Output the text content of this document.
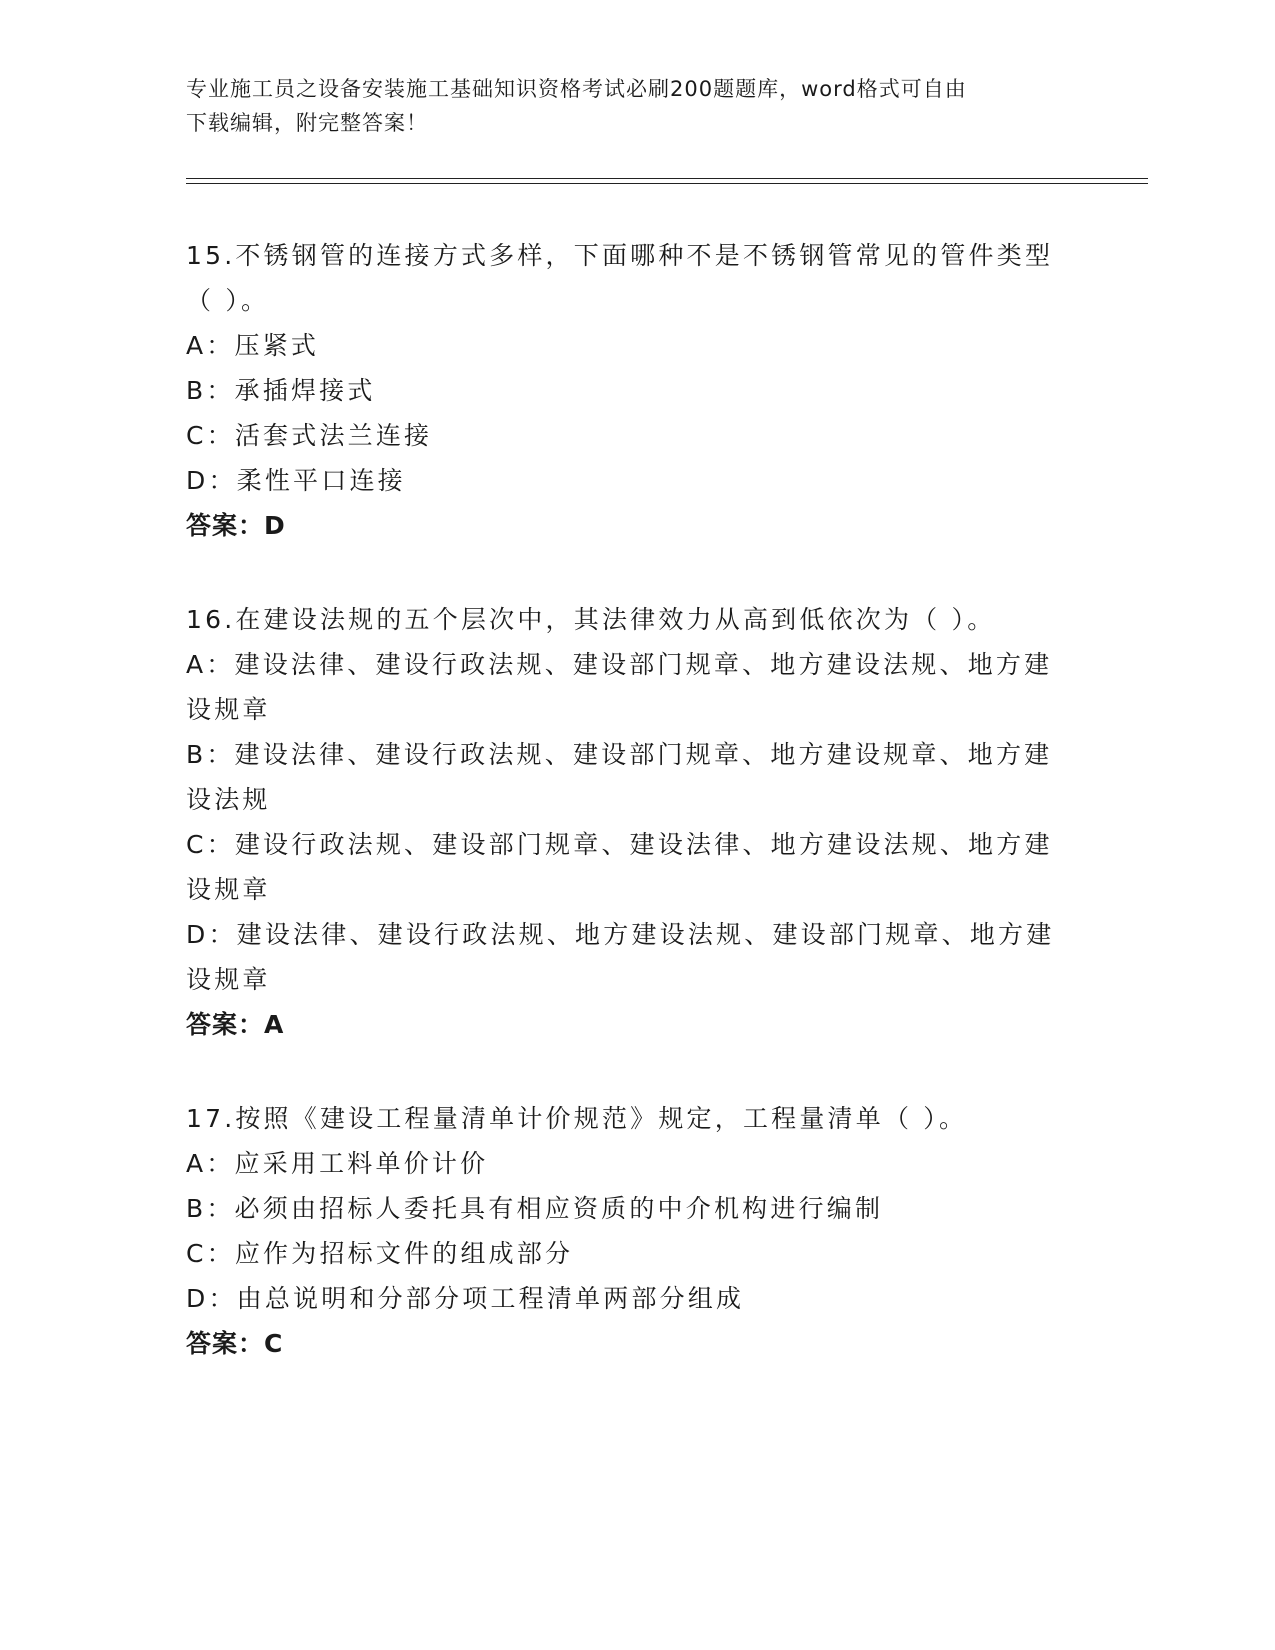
专业施工员之设备安装施工基础知识资格考试必刷200题题库，word格式可自由
下载编辑，附完整答案！

15.不锈钢管的连接方式多样，下面哪种不是不锈钢管常见的管件类型

（ ）。

A：压紧式

B：承插焊接式

C：活套式法兰连接

D：柔性平口连接

答案：D

16.在建设法规的五个层次中，其法律效力从高到低依次为（ ）。

A：建设法律、建设行政法规、建设部门规章、地方建设法规、地方建

设规章

B：建设法律、建设行政法规、建设部门规章、地方建设规章、地方建

设法规

C：建设行政法规、建设部门规章、建设法律、地方建设法规、地方建

设规章

D：建设法律、建设行政法规、地方建设法规、建设部门规章、地方建

设规章

答案：A

17.按照《建设工程量清单计价规范》规定，工程量清单（ ）。

A：应采用工料单价计价

B：必须由招标人委托具有相应资质的中介机构进行编制

C：应作为招标文件的组成部分

D：由总说明和分部分项工程清单两部分组成

答案：C
